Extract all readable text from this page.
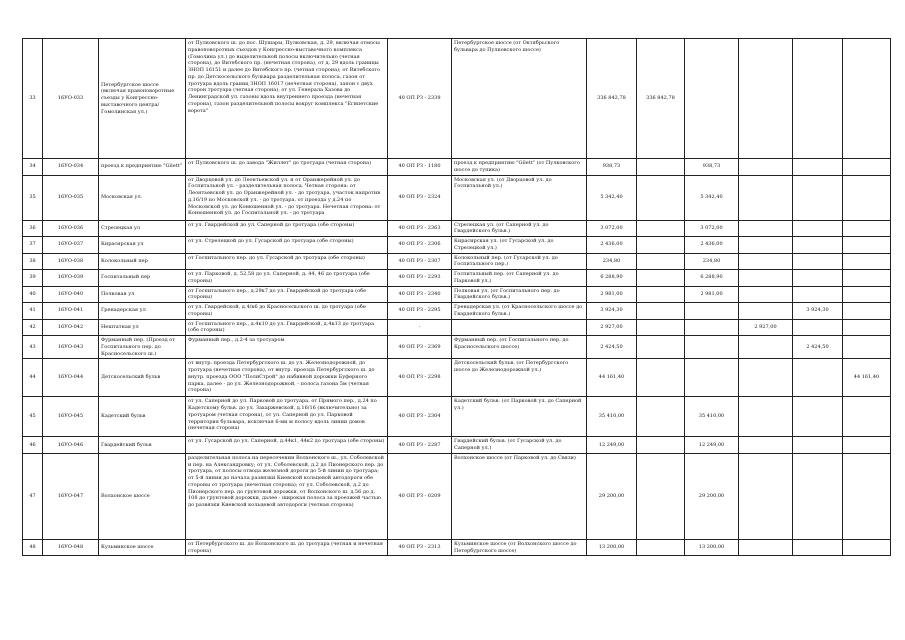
33	16УО-033	Петербургское шоссе (включая правоповоротные съезды у Конгрессно-выставочного центра/ Гомолинская ул.)	от Пулковского ш. до пос. Шушары, Пулковская, д. 29, включая отмосы правоповоротных съездов у Конгрессно-выставочного комплекса (Гомолина ул.) до выделительной полосы включительно (четная сторона), до Витебского пр. (нечетная сторона), от д. 29 вдоль границы ЗНОП 16151 и далее до Витебского пр. (четная сторона); от Витебского пр. до Детскосельского бульвара разделительная полоса, газон от тротуара вдоль границ ЗНОП 16017 (нечетная сторона), запон с двух сторон тротуара (четная сторона), от ул. Генерала Хазова до Ленинградской ул. газоны вдоль внутреннего проезда (нечетная сторона), газон разделительной полосы вокруг комплекса "Египетские ворота"	40 ОП РЗ - 2339	Петербургское шоссе (от Октябрьского бульвара до Пулковского шоссе)	336 842,78	336 842,78				
34	16УО-034	проезд к предприятию "Gilett"	от Пулковского ш. до завода "Жиллет" до тротуара (четная сторона)	40 ОП РЗ - 1180	проезд к предприятию "Gilett" (от Пулковского шоссе до тупика)	938,73		938,73			
35	16УО-035	Московская ул.	от Дворцовой ул. до Леонтьевской ул. н от Оранжерейной ул. до Госпитальной ул. - разделительная полоса. Четная сторона: от Леонтьевской ул. до Оранжерейной ул. - до тротуара, участок напротив д.16/19 по Московской ул. - до тротуара, от проезда у д.24 по Московской ул. до Конюшенной ул. - до тротуара. Нечетная сторона: от Конюшенной ул. до Госпитальной ул. - до тротуара	40 ОП РЗ - 2324	Московская ул. (от Дворцовой ул. до Госпитальной ул.)	5 342,40		5 342,40			
36	16УО-036	Стрелецкая ул	от ул. Гвардейской до ул. Саперной до тротуара (обе стороны)	40 ОП РЗ - 2363	Стрелецкая ул. (от Саперной ул. до Гвардейского бульв.)	3 072,00		3 072,00			
37	16УО-037	Кирасирская ул	от ул. Стрелецкой до ул. Гусарской до тротуара (обе стороны)	40 ОП РЗ - 2306	Кирасирская ул. (от Гусарской ул. до Стрелецкой ул.)	2 436,00		2 436,00			
38	16УО-038	Колокольный пер	от Госпитального пер. до ул. Гусарской до тротуара (обе стороны)	40 ОП РЗ - 2307	Колокольный пер. (от Гусарской ул. до Госпитального пер.)	234,80		234,80			
39	16УО-039	Госпитальный пер	от ул. Парковой, д. 52,58 до ул. Саперной, д. 44, 46 до тротуара (обе стороны)	40 ОП РЗ - 2293	Госпитальный пер. (от Саперной ул. до Парковой ул.)	6 288,90		6 288,90			
40	16УО-040	Полковая ул	от Госпитального пер., д.29к7 до ул. Гвардейской до тротуара (обе стороны)	40 ОП РЗ - 2340	Полковая ул. (от Госпитального пер. до Гвардейского бульв.)	2 981,00		2 981,00			
41	16УО-041	Гренадерская ул	от ул. Гвардейской, д.4/к6 до Красносельского ш. до тротуара (обе стороны)	40 ОП РЗ - 2295	Гренадерская ул. (от Красносельского шоссе до Гвардейского бульв.)	3 924,30				3 924,30	
42	16УО-042	Нештатная ул	от Госпитального пер., д.4к10 до ул. Гвардейской, д.4к13 до тротуара (обе стороны)	-		2 927,00			2 927,00		
43	16УО-043	Фурманный пер. (Проезд от Госпитального пер. до Красносельского ш.)	Фурманный пер., д.2-4 за тротуаром	40 ОП РЗ - 2369	Фурманный пер. (от Госпитального пер. до Красносельского шоссе)	2 424,50				2 424,50	
44	16УО-044	Детскосельский бульв	от внутр. проезда Петербургского ш. до ул. Железнодорожной, до тротуара (нечетная сторона), от внутр. проезда Петербургского ш. до внутр. проезда ООО "ПолиСтрой" до набивной дорожки Буферного парка, далее - до ул. Железнодорожной, - полоса газона 5м (четная сторона)	40 ОП РЗ - 2298	Детскосельский бульв. (от Петербургского шоссе до Железнодорожной ул.)	44 161,40					44 161,40
45	16УО-045	Кадетский бульв	от ул. Саперной до ул. Парковой до тротуара, от Прямого пер., д.24 по Кадетскому бульв. до ул. Захаржевской, д.16/16 (включительно) за тротуаром (четная сторона), от ул. Саперной до ул. Парковой территория бульвара, исключая 6-ми м полосу вдоль линии домов (нечетная сторона)	40 ОП РЗ - 2304	Кадетский бульв. (от Парковой ул. до Саперной ул.)	35 410,00		35 410,00			
46	16УО-046	Гвардейский бульв	от ул. Гусарской до ул. Саперной, д.44к1, 44к2 до тротуара (обе стороны)	40 ОП РЗ - 2287	Гвардейский бульв. (от Гусарской ул. до Саперной ул.)	12 249,00		12 249,00			
47	16УО-047	Волхонское шоссе	разделительная полоса на пересечении Волхонского ш., ул. Соболевской и пер. на Александровку; от ул. Соболевской, д.2 до Пионерского пер. до тротуара, от полосы отвода железной дороги до 5-й линии до тротуара; от 5-й линии до начала развязки Киевской кольцевой автодороги обе стороны от тротуара (нечетная сторона); от ул. Соболевской, д.2 до Пионерского пер. до грунтовой дорожки, от Волхонского ш. д.56 до д. 108 до грунтовой дорожки, далее - широкая полоса за проезжей частью до развязки Киевской кольцевой автодороги (четная сторона)	40 ОП РЗ - 0209	Волхонское шоссе (от Парковой ул. до Связи)	29 200,00		29 200,00			
48	16УО-048	Кузьминское шоссе	от Петербургского ш. до Волхонского ш. до тротуара (четная и нечетная сторона)	40 ОП РЗ - 2313	Кузьминское шоссе (от Волхонского шоссе до Петербургского шоссе)	13 200,00		13 200,00			
